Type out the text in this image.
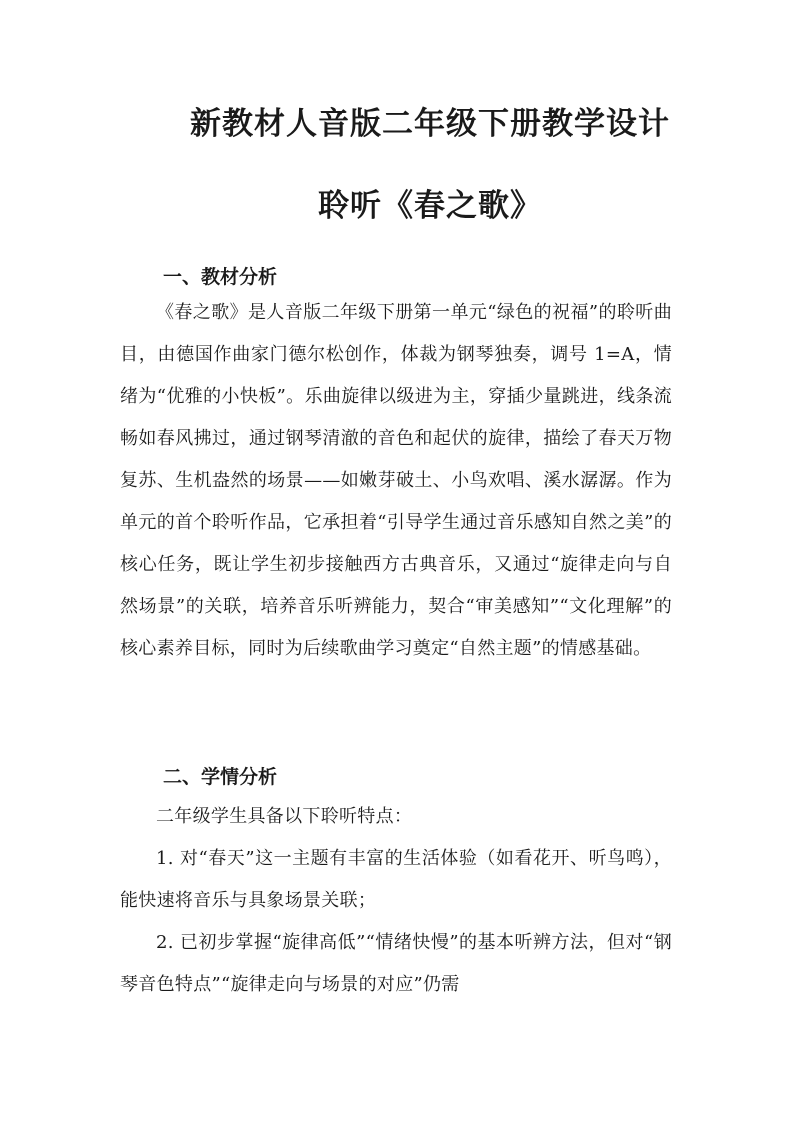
新教材人音版二年级下册教学设计
聆听《春之歌》
一、教材分析

《春之歌》是人音版二年级下册第一单元“绿色的祝福”的聆听曲目，由德国作曲家门德尔松创作，体裁为钢琴独奏，调号 1=A，情绪为“优雅的小快板”。乐曲旋律以级进为主，穿插少量跳进，线条流畅如春风拂过，通过钢琴清澈的音色和起伏的旋律，描绘了春天万物复苏、生机盎然的场景——如嫩芽破土、小鸟欢唱、溪水潺潺。作为单元的首个聆听作品，它承担着“引导学生通过音乐感知自然之美”的核心任务，既让学生初步接触西方古典音乐，又通过“旋律走向与自然场景”的关联，培养音乐听辨能力，契合“审美感知”“文化理解”的核心素养目标，同时为后续歌曲学习奠定“自然主题”的情感基础。

二、学情分析

二年级学生具备以下聆听特点：

1. 对“春天”这一主题有丰富的生活体验（如看花开、听鸟鸣），能快速将音乐与具象场景关联；

2. 已初步掌握“旋律高低”“情绪快慢”的基本听辨方法，但对“钢琴音色特点”“旋律走向与场景的对应”仍需
